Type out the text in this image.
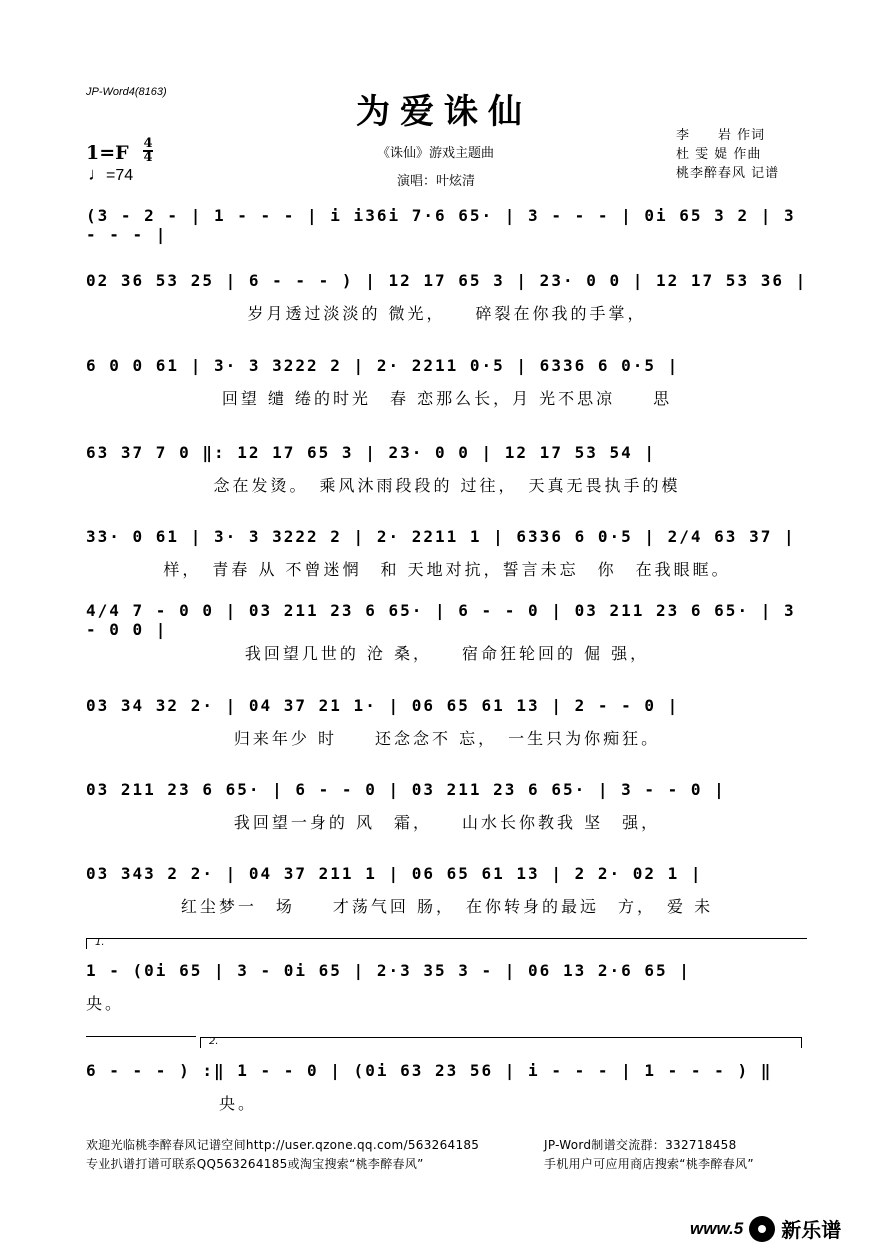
JP-Word4(8163)	为爱诛仙
1=F 4
4
♩=74
《诛仙》游戏主题曲
演唱：叶炫清
李　　岩 作词
杜 雯 媞 作曲
桃李醉春风 记谱
(3 - 2 - | 1 - - - | i i36i 7·6 65· | 3 - - - | 0i 65 3 2 | 3 - - - |
02 36 53 25 | 6 - - - ) | 12 17 65 3 | 23· 0 0 | 12 17 53 36 |
岁月透过淡淡的 微光，　　碎裂在你我的手掌，
6 0 0 61 | 3· 3 3222 2 | 2· 2211 0·5 | 6336 6 0·5 |
回望 缱 绻的时光　春 恋那么长，月 光不思凉　　思
63 37 7 0 ‖: 12 17 65 3 | 23· 0 0 | 12 17 53 54 |
念在发烫。　乘风沐雨段段的 过往，　天真无畏执手的模
33· 0 61 | 3· 3 3222 2 | 2· 2211 1 | 6336 6 0·5 | 2/4 63 37 |
样，　青春 从 不曾迷惘　和 天地对抗，誓言未忘　你　在我眼眶。
4/4 7 - 0 0 | 03 211 23 6 65· | 6 - - 0 | 03 211 23 6 65· | 3 - 0 0 |
我回望几世的 沧 桑，　　宿命狂轮回的 倔 强，
03 34 32 2· | 04 37 21 1· | 06 65 61 13 | 2 - - 0 |
归来年少 时　　还念念不 忘，　一生只为你痴狂。
03 211 23 6 65· | 6 - - 0 | 03 211 23 6 65· | 3 - - 0 |
我回望一身的 风　霜，　　山水长你教我 坚　强，
03 343 2 2· | 04 37 211 1 | 06 65 61 13 | 2 2· 02 1 |
红尘梦一　场　　才荡气回 肠，　在你转身的最远　方，　爱 未
1.
1 - (0i 65 | 3 - 0i 65 | 2·3 35 3 - | 06 13 2·6 65 |
央。
2.
6 - - - ) :‖ 1 - - 0 | (0i 63 23 56 | i - - - | 1 - - - ) ‖
　　　　　　　央。
欢迎光临桃李醉春风记谱空间http://user.qzone.qq.com/563264185	JP-Word制谱交流群：332718458
专业扒谱打谱可联系QQ563264185或淘宝搜索“桃李醉春风”	手机用户可应用商店搜索“桃李醉春风”
www.5 新乐谱
